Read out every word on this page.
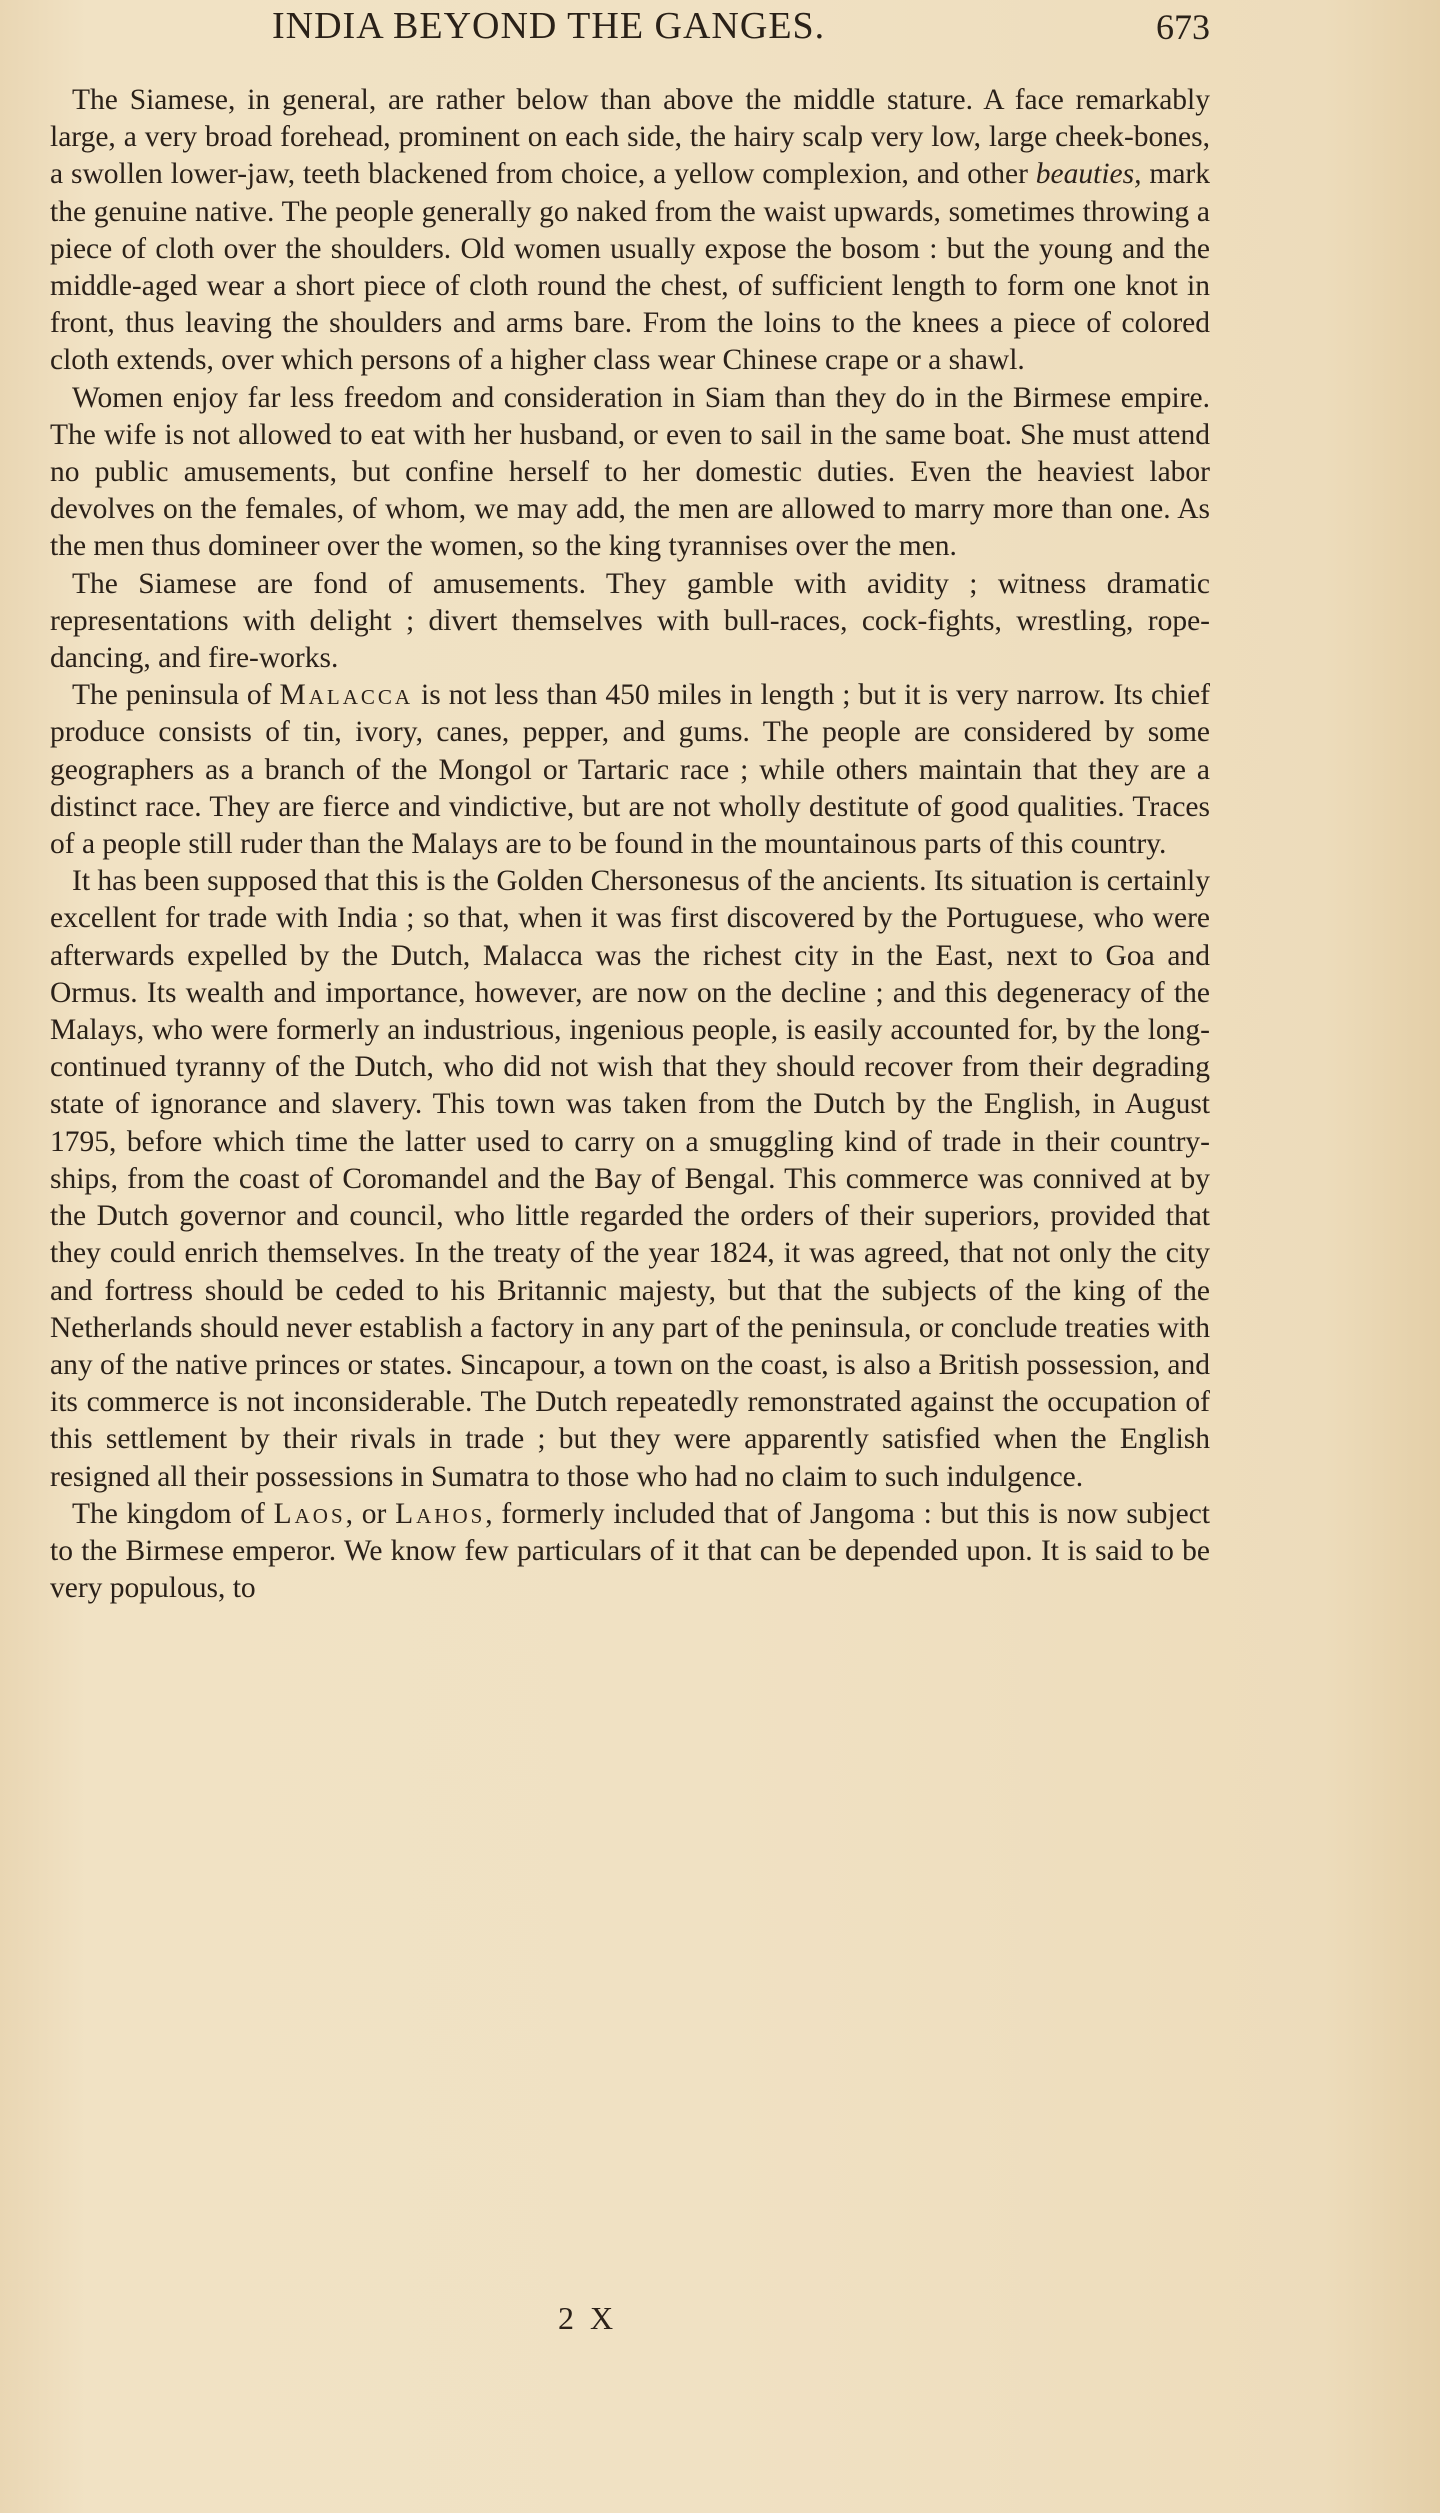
INDIA BEYOND THE GANGES.	673

The Siamese, in general, are rather below than above the middle stature. A face remarkably large, a very broad forehead, prominent on each side, the hairy scalp very low, large cheek-bones, a swollen lower-jaw, teeth blackened from choice, a yellow complexion, and other beauties, mark the genuine native. The people generally go naked from the waist upwards, sometimes throwing a piece of cloth over the shoulders. Old women usually expose the bosom : but the young and the middle-aged wear a short piece of cloth round the chest, of sufficient length to form one knot in front, thus leaving the shoulders and arms bare. From the loins to the knees a piece of colored cloth extends, over which persons of a higher class wear Chinese crape or a shawl.

Women enjoy far less freedom and consideration in Siam than they do in the Birmese empire. The wife is not allowed to eat with her husband, or even to sail in the same boat. She must attend no public amusements, but confine herself to her domestic duties. Even the heaviest labor devolves on the females, of whom, we may add, the men are allowed to marry more than one. As the men thus domineer over the women, so the king tyrannises over the men.

The Siamese are fond of amusements. They gamble with avidity ; witness dramatic representations with delight ; divert themselves with bull-races, cock-fights, wrestling, rope-dancing, and fire-works.

The peninsula of Malacca is not less than 450 miles in length ; but it is very narrow. Its chief produce consists of tin, ivory, canes, pepper, and gums. The people are considered by some geographers as a branch of the Mongol or Tartaric race ; while others maintain that they are a distinct race. They are fierce and vindictive, but are not wholly destitute of good qualities. Traces of a people still ruder than the Malays are to be found in the mountainous parts of this country.

It has been supposed that this is the Golden Chersonesus of the ancients. Its situation is certainly excellent for trade with India ; so that, when it was first discovered by the Portuguese, who were afterwards expelled by the Dutch, Malacca was the richest city in the East, next to Goa and Ormus. Its wealth and importance, however, are now on the decline ; and this degeneracy of the Malays, who were formerly an industrious, ingenious people, is easily accounted for, by the long-continued tyranny of the Dutch, who did not wish that they should recover from their degrading state of ignorance and slavery. This town was taken from the Dutch by the English, in August 1795, before which time the latter used to carry on a smuggling kind of trade in their country-ships, from the coast of Coromandel and the Bay of Bengal. This commerce was connived at by the Dutch governor and council, who little regarded the orders of their superiors, provided that they could enrich themselves. In the treaty of the year 1824, it was agreed, that not only the city and fortress should be ceded to his Britannic majesty, but that the subjects of the king of the Netherlands should never establish a factory in any part of the peninsula, or conclude treaties with any of the native princes or states. Sincapour, a town on the coast, is also a British possession, and its commerce is not inconsiderable. The Dutch repeatedly remonstrated against the occupation of this settlement by their rivals in trade ; but they were apparently satisfied when the English resigned all their possessions in Sumatra to those who had no claim to such indulgence.

The kingdom of Laos, or Lahos, formerly included that of Jangoma : but this is now subject to the Birmese emperor. We know few particulars of it that can be depended upon. It is said to be very populous, to

2 X
